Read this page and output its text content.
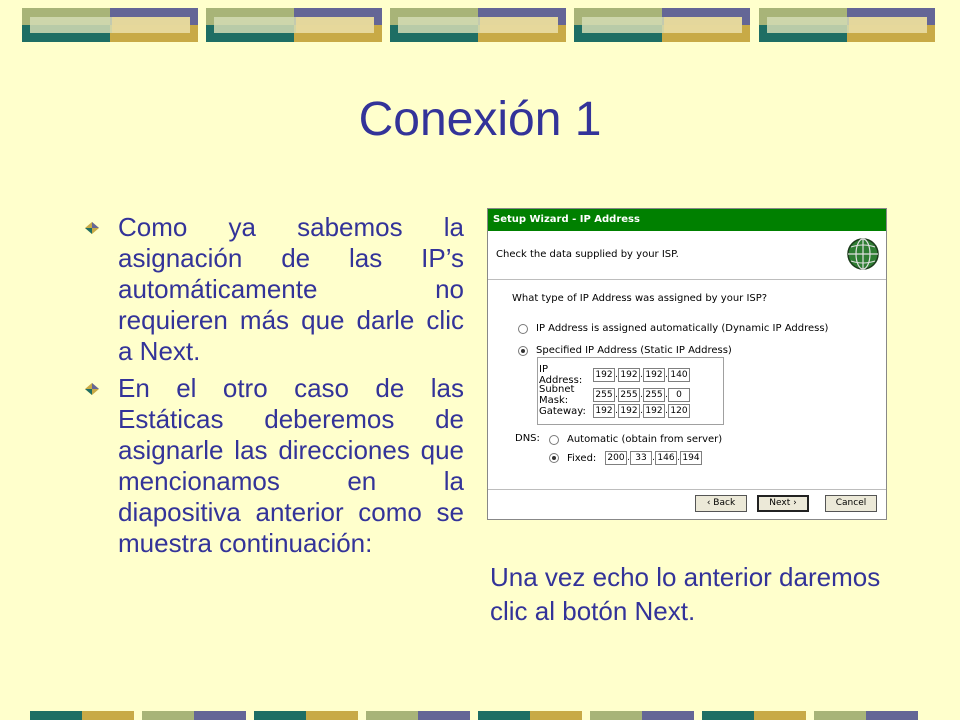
Conexión 1
Como ya sabemos la asignación de las IP’s automáticamente no requieren más que darle clic a Next.
En el otro caso de las Estáticas deberemos de asignarle las direcciones que mencionamos en la diapositiva anterior como se muestra continuación:
Setup Wizard - IP Address
Check the data supplied by your ISP.
What type of IP Address was assigned by your ISP?
IP Address is assigned automatically (Dynamic IP Address)
Specified IP Address (Static IP Address)
IP Address:	192 . 192 . 192 . 140
Subnet Mask:	255 . 255 . 255 . 0
Gateway:	192 . 192 . 192 . 120
DNS:	Automatic (obtain from server)
Fixed:	200 . 33 . 146 . 194
‹ Back	Next ›	Cancel
Una vez echo lo anterior daremos clic al botón Next.
